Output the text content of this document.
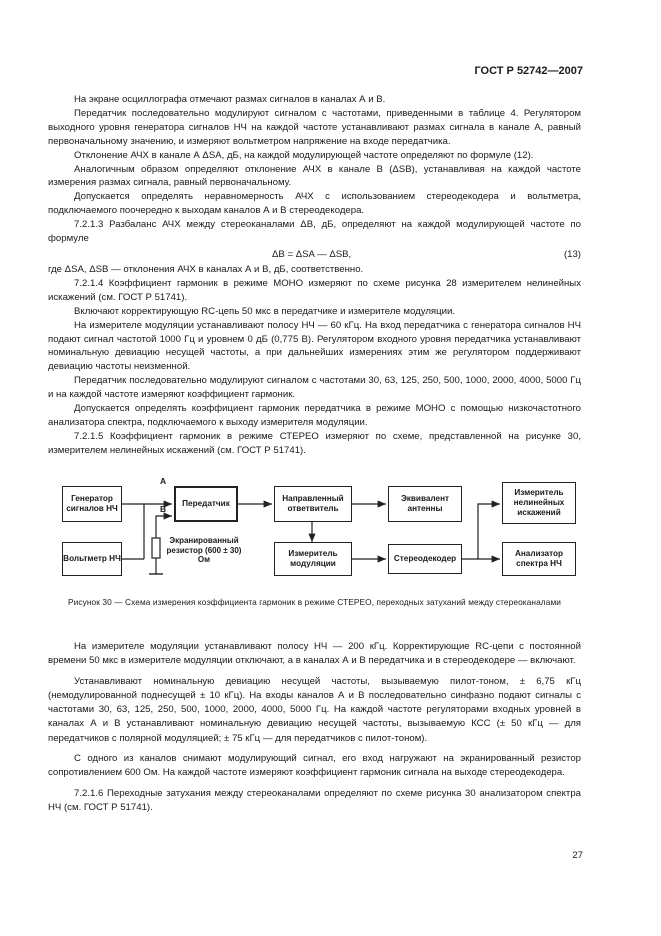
ГОСТ Р 52742—2007

На экране осциллографа отмечают размах сигналов в каналах А и В.

Передатчик последовательно модулируют сигналом с частотами, приведенными в таблице 4. Регулятором выходного уровня генератора сигналов НЧ на каждой частоте устанавливают размах сигнала в канале А, равный первоначальному значению, и измеряют вольтметром напряжение на входе передатчика.

Отклонение АЧХ в канале А ΔSA, дБ, на каждой модулирующей частоте определяют по формуле (12).

Аналогичным образом определяют отклонение АЧХ в канале В (ΔSB), устанавливая на каждой частоте измерения размах сигнала, равный первоначальному.

Допускается определять неравномерность АЧХ с использованием стереодекодера и вольтметра, подключаемого поочередно к выходам каналов А и В стереодекодера.

7.2.1.3 Разбаланс АЧХ между стереоканалами ΔВ, дБ, определяют на каждой модулирующей частоте по формуле

ΔB = ΔSA — ΔSB,	(13)

где ΔSA, ΔSB — отклонения АЧХ в каналах А и В, дБ, соответственно.

7.2.1.4 Коэффициент гармоник в режиме МОНО измеряют по схеме рисунка 28 измерителем нелинейных искажений (см. ГОСТ Р 51741).

Включают корректирующую RC-цепь 50 мкс в передатчике и измерителе модуляции.

На измерителе модуляции устанавливают полосу НЧ — 60 кГц. На вход передатчика с генератора сигналов НЧ подают сигнал частотой 1000 Гц и уровнем 0 дБ (0,775 В). Регулятором входного уровня передатчика устанавливают номинальную девиацию несущей частоты, а при дальнейших измерениях этим же регулятором поддерживают девиацию частоты неизменной.

Передатчик последовательно модулируют сигналом с частотами 30, 63, 125, 250, 500, 1000, 2000, 4000, 5000 Гц и на каждой частоте измеряют коэффициент гармоник.

Допускается определять коэффициент гармоник передатчика в режиме МОНО с помощью низкочастотного анализатора спектра, подключаемого к выходу измерителя модуляции.

7.2.1.5 Коэффициент гармоник в режиме СТЕРЕО измеряют по схеме, представленной на рисунке 30, измерителем нелинейных искажений (см. ГОСТ Р 51741).

Генератор сигналов НЧ
Передатчик
Направленный ответвитель
Эквивалент антенны
Измеритель нелинейных искажений
Вольтметр НЧ
Измеритель модуляции
Стереодекодер
Анализатор спектра НЧ
А
В
Экранированный резистор (600 ± 30) Ом
Рисунок 30 — Схема измерения коэффициента гармоник в режиме СТЕРЕО, переходных затуханий между стереоканалами

На измерителе модуляции устанавливают полосу НЧ — 200 кГц. Корректирующие RC-цепи с постоянной времени 50 мкс в измерителе модуляции отключают, а в каналах А и В передатчика и в стереодекодере — включают.

Устанавливают номинальную девиацию несущей частоты, вызываемую пилот-тоном, ± 6,75 кГц (немодулированной поднесущей ± 10 кГц). На входы каналов А и В последовательно синфазно подают сигналы с частотами 30, 63, 125, 250, 500, 1000, 2000, 4000, 5000 Гц. На каждой частоте регуляторами входных уровней в каналах А и В устанавливают номинальную девиацию несущей частоты, вызываемую КСС (± 50 кГц — для передатчиков с полярной модуляцией; ± 75 кГц — для передатчиков с пилот-тоном).

С одного из каналов снимают модулирующий сигнал, его вход нагружают на экранированный резистор сопротивлением 600 Ом. На каждой частоте измеряют коэффициент гармоник сигнала на выходе стереодекодера.

7.2.1.6 Переходные затухания между стереоканалами определяют по схеме рисунка 30 анализатором спектра НЧ (см. ГОСТ Р 51741).

27
